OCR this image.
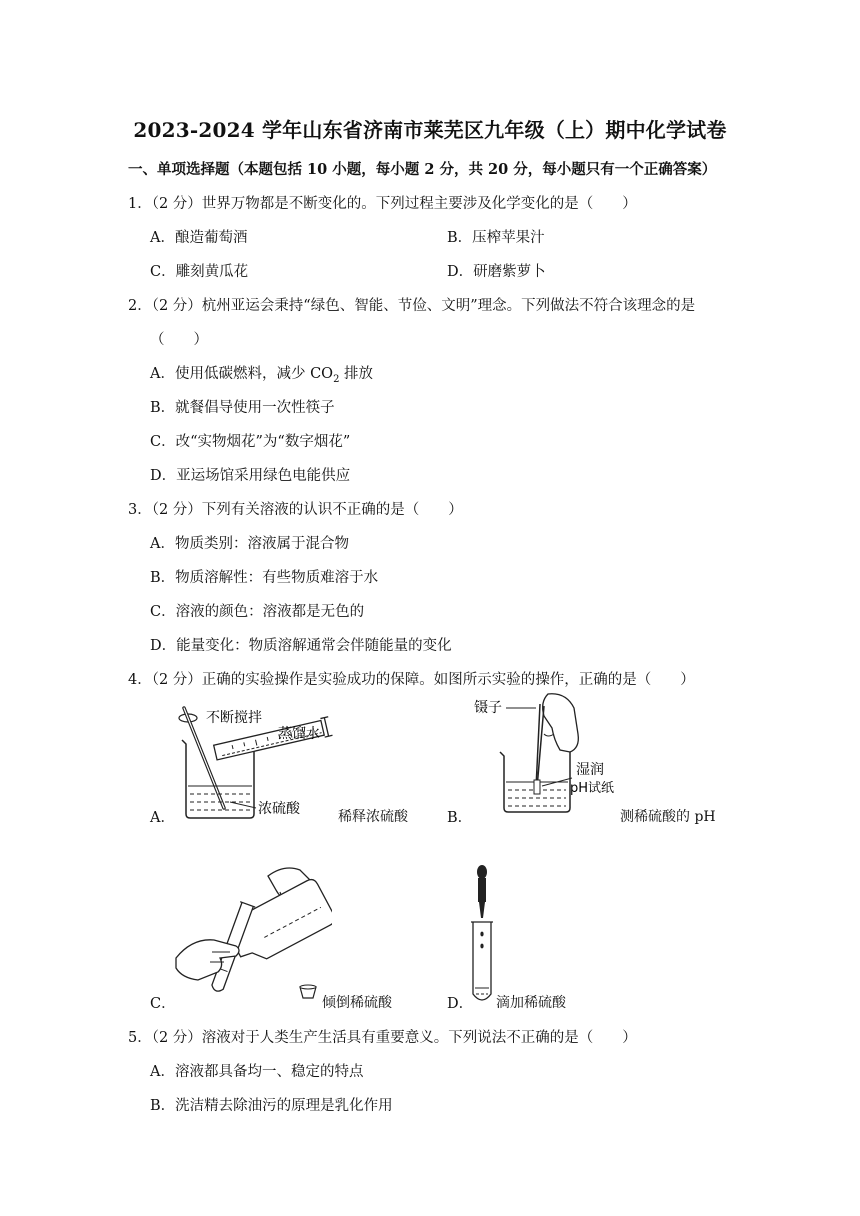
2023-2024 学年山东省济南市莱芜区九年级（上）期中化学试卷
一、单项选择题（本题包括 10 小题，每小题 2 分，共 20 分，每小题只有一个正确答案）
1．（2 分）世界万物都是不断变化的。下列过程主要涉及化学变化的是（　　）
A．酿造葡萄酒	B．压榨苹果汁
C．雕刻黄瓜花	D．研磨紫萝卜
2．（2 分）杭州亚运会秉持“绿色、智能、节俭、文明”理念。下列做法不符合该理念的是
（　　）
A．使用低碳燃料，减少 $CO_2$ 排放
B．就餐倡导使用一次性筷子
C．改“实物烟花”为“数字烟花”
D．亚运场馆采用绿色电能供应
3．（2 分）下列有关溶液的认识不正确的是（　　）
A．物质类别：溶液属于混合物
B．物质溶解性：有些物质难溶于水
C．溶液的颜色：溶液都是无色的
D．能量变化：物质溶解通常会伴随能量的变化
4．（2 分）正确的实验操作是实验成功的保障。如图所示实验的操作，正确的是（　　）
A．
不断搅拌
蒸馏水
浓硫酸	稀释浓硫酸	B．
镊子
湿润
pH试纸
测稀硫酸的 pH
C．	倾倒稀硫酸	D． 滴加稀硫酸
5．（2 分）溶液对于人类生产生活具有重要意义。下列说法不正确的是（　　）
A．溶液都具备均一、稳定的特点
B．洗洁精去除油污的原理是乳化作用
